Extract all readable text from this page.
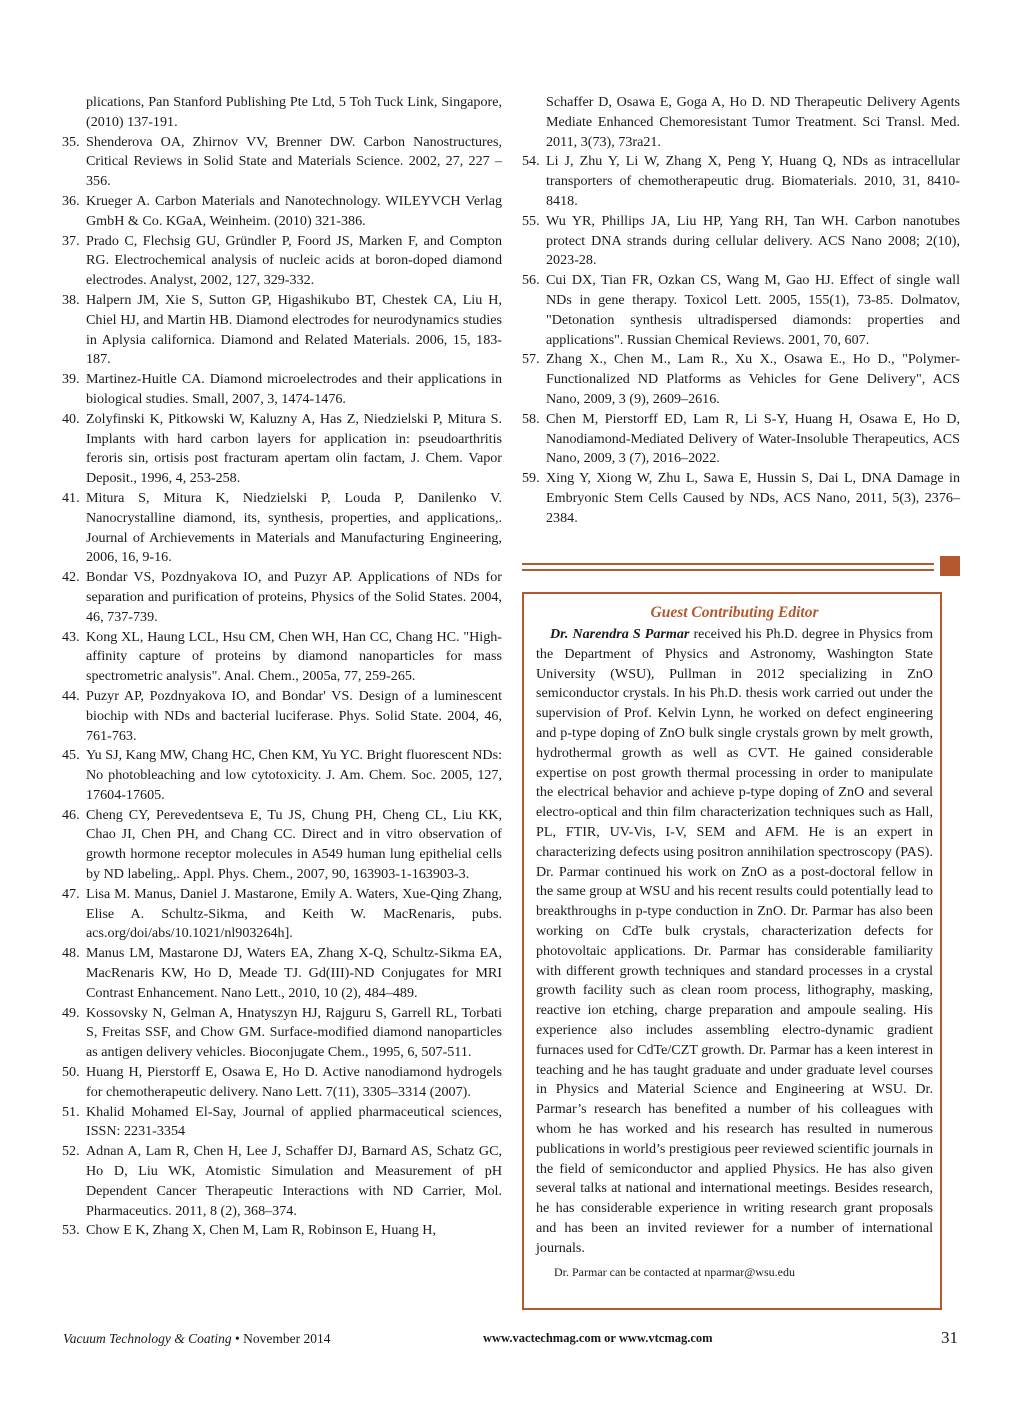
plications, Pan Stanford Publishing Pte Ltd, 5 Toh Tuck Link, Singapore, (2010) 137-191.
35. Shenderova OA, Zhirnov VV, Brenner DW. Carbon Nanostructures, Critical Reviews in Solid State and Materials Science. 2002, 27, 227 – 356.
36. Krueger A. Carbon Materials and Nanotechnology. WILEYVCH Verlag GmbH & Co. KGaA, Weinheim. (2010) 321-386.
37. Prado C, Flechsig GU, Gründler P, Foord JS, Marken F, and Compton RG. Electrochemical analysis of nucleic acids at boron-doped diamond electrodes. Analyst, 2002, 127, 329-332.
38. Halpern JM, Xie S, Sutton GP, Higashikubo BT, Chestek CA, Liu H, Chiel HJ, and Martin HB. Diamond electrodes for neurodynamics studies in Aplysia californica. Diamond and Related Materials. 2006, 15, 183-187.
39. Martinez-Huitle CA. Diamond microelectrodes and their applications in biological studies. Small, 2007, 3, 1474-1476.
40. Zolyfinski K, Pitkowski W, Kaluzny A, Has Z, Niedzielski P, Mitura S. Implants with hard carbon layers for application in: pseudoarthritis feroris sin, ortisis post fracturam apertam olin factam, J. Chem. Vapor Deposit., 1996, 4, 253-258.
41. Mitura S, Mitura K, Niedzielski P, Louda P, Danilenko V. Nanocrystalline diamond, its, synthesis, properties, and applications,. Journal of Archievements in Materials and Manufacturing Engineering, 2006, 16, 9-16.
42. Bondar VS, Pozdnyakova IO, and Puzyr AP. Applications of NDs for separation and purification of proteins, Physics of the Solid States. 2004, 46, 737-739.
43. Kong XL, Haung LCL, Hsu CM, Chen WH, Han CC, Chang HC. "High-affinity capture of proteins by diamond nanoparticles for mass spectrometric analysis". Anal. Chem., 2005a, 77, 259-265.
44. Puzyr AP, Pozdnyakova IO, and Bondar' VS. Design of a luminescent biochip with NDs and bacterial luciferase. Phys. Solid State. 2004, 46, 761-763.
45. Yu SJ, Kang MW, Chang HC, Chen KM, Yu YC. Bright fluorescent NDs: No photobleaching and low cytotoxicity. J. Am. Chem. Soc. 2005, 127, 17604-17605.
46. Cheng CY, Perevedentseva E, Tu JS, Chung PH, Cheng CL, Liu KK, Chao JI, Chen PH, and Chang CC. Direct and in vitro observation of growth hormone receptor molecules in A549 human lung epithelial cells by ND labeling,. Appl. Phys. Chem., 2007, 90, 163903-1-163903-3.
47. Lisa M. Manus, Daniel J. Mastarone, Emily A. Waters, Xue-Qing Zhang, Elise A. Schultz-Sikma, and Keith W. MacRenaris, pubs. acs.org/doi/abs/10.1021/nl903264h].
48. Manus LM, Mastarone DJ, Waters EA, Zhang X-Q, Schultz-Sikma EA, MacRenaris KW, Ho D, Meade TJ. Gd(III)-ND Conjugates for MRI Contrast Enhancement. Nano Lett., 2010, 10 (2), 484–489.
49. Kossovsky N, Gelman A, Hnatyszyn HJ, Rajguru S, Garrell RL, Torbati S, Freitas SSF, and Chow GM. Surface-modified diamond nanoparticles as antigen delivery vehicles. Bioconjugate Chem., 1995, 6, 507-511.
50. Huang H, Pierstorff E, Osawa E, Ho D. Active nanodiamond hydrogels for chemotherapeutic delivery. Nano Lett. 7(11), 3305–3314 (2007).
51. Khalid Mohamed El-Say, Journal of applied pharmaceutical sciences, ISSN: 2231-3354
52. Adnan A, Lam R, Chen H, Lee J, Schaffer DJ, Barnard AS, Schatz GC, Ho D, Liu WK, Atomistic Simulation and Measurement of pH Dependent Cancer Therapeutic Interactions with ND Carrier, Mol. Pharmaceutics. 2011, 8 (2), 368–374.
53. Chow E K, Zhang X, Chen M, Lam R, Robinson E, Huang H,
Schaffer D, Osawa E, Goga A, Ho D. ND Therapeutic Delivery Agents Mediate Enhanced Chemoresistant Tumor Treatment. Sci Transl. Med. 2011, 3(73), 73ra21.
54. Li J, Zhu Y, Li W, Zhang X, Peng Y, Huang Q, NDs as intracellular transporters of chemotherapeutic drug. Biomaterials. 2010, 31, 8410-8418.
55. Wu YR, Phillips JA, Liu HP, Yang RH, Tan WH. Carbon nanotubes protect DNA strands during cellular delivery. ACS Nano 2008; 2(10), 2023-28.
56. Cui DX, Tian FR, Ozkan CS, Wang M, Gao HJ. Effect of single wall NDs in gene therapy. Toxicol Lett. 2005, 155(1), 73-85. Dolmatov, "Detonation synthesis ultradispersed diamonds: properties and applications". Russian Chemical Reviews. 2001, 70, 607.
57. Zhang X., Chen M., Lam R., Xu X., Osawa E., Ho D., "Polymer-Functionalized ND Platforms as Vehicles for Gene Delivery", ACS Nano, 2009, 3 (9), 2609–2616.
58. Chen M, Pierstorff ED, Lam R, Li S-Y, Huang H, Osawa E, Ho D, Nanodiamond-Mediated Delivery of Water-Insoluble Therapeutics, ACS Nano, 2009, 3 (7), 2016–2022.
59. Xing Y, Xiong W, Zhu L, Sawa E, Hussin S, Dai L, DNA Damage in Embryonic Stem Cells Caused by NDs, ACS Nano, 2011, 5(3), 2376–2384.
Guest Contributing Editor
Dr. Narendra S Parmar received his Ph.D. degree in Physics from the Department of Physics and Astronomy, Washington State University (WSU), Pullman in 2012 specializing in ZnO semiconductor crystals. In his Ph.D. thesis work carried out under the supervision of Prof. Kelvin Lynn, he worked on defect engineering and p-type doping of ZnO bulk single crystals grown by melt growth, hydrothermal growth as well as CVT. He gained considerable expertise on post growth thermal processing in order to manipulate the electrical behavior and achieve p-type doping of ZnO and several electro-optical and thin film characterization techniques such as Hall, PL, FTIR, UV-Vis, I-V, SEM and AFM. He is an expert in characterizing defects using positron annihilation spectroscopy (PAS). Dr. Parmar continued his work on ZnO as a post-doctoral fellow in the same group at WSU and his recent results could potentially lead to breakthroughs in p-type conduction in ZnO. Dr. Parmar has also been working on CdTe bulk crystals, characterization defects for photovoltaic applications. Dr. Parmar has considerable familiarity with different growth techniques and standard processes in a crystal growth facility such as clean room process, lithography, masking, reactive ion etching, charge preparation and ampoule sealing. His experience also includes assembling electro-dynamic gradient furnaces used for CdTe/CZT growth. Dr. Parmar has a keen interest in teaching and he has taught graduate and under graduate level courses in Physics and Material Science and Engineering at WSU. Dr. Parmar’s research has benefited a number of his colleagues with whom he has worked and his research has resulted in numerous publications in world’s prestigious peer reviewed scientific journals in the field of semiconductor and applied Physics. He has also given several talks at national and international meetings. Besides research, he has considerable experience in writing research grant proposals and has been an invited reviewer for a number of international journals.
Dr. Parmar can be contacted at nparmar@wsu.edu
Vacuum Technology & Coating • November 2014	www.vactechmag.com or www.vtcmag.com	31
